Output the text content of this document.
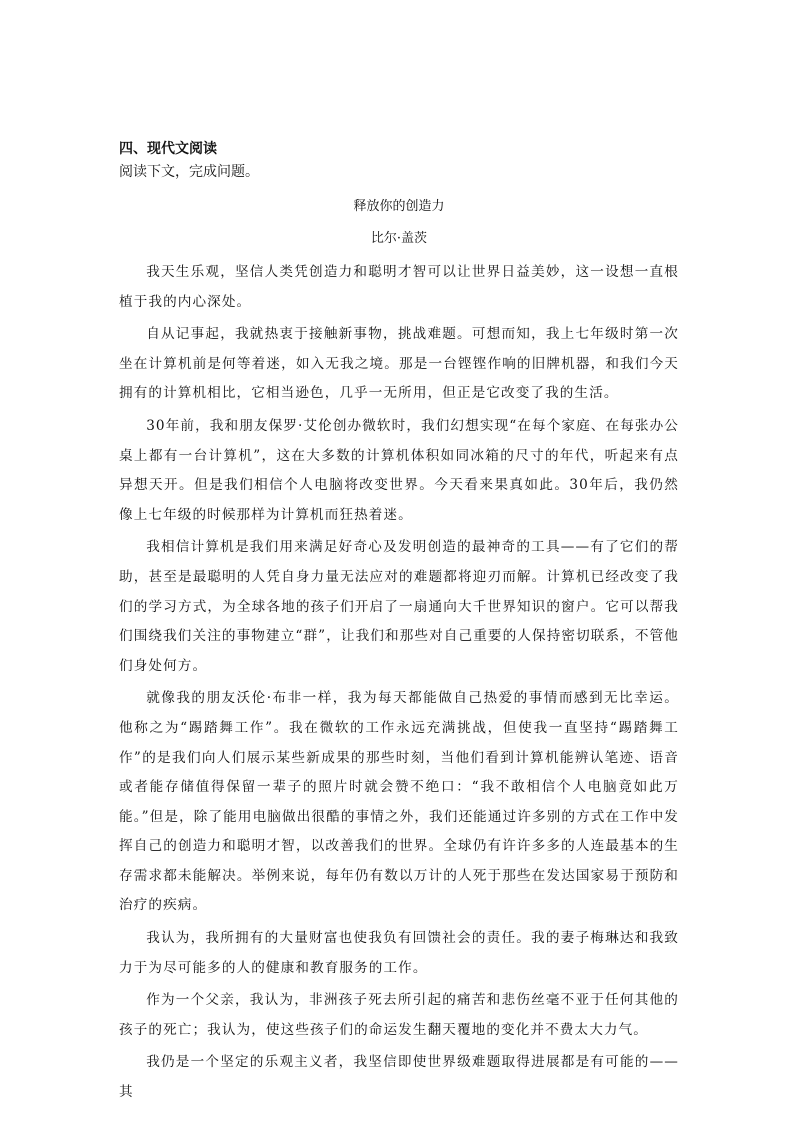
四、现代文阅读

阅读下文，完成问题。

释放你的创造力

比尔·盖茨

我天生乐观，坚信人类凭创造力和聪明才智可以让世界日益美妙，这一设想一直根植于我的内心深处。

自从记事起，我就热衷于接触新事物，挑战难题。可想而知，我上七年级时第一次坐在计算机前是何等着迷，如入无我之境。那是一台铿铿作响的旧牌机器，和我们今天拥有的计算机相比，它相当逊色，几乎一无所用，但正是它改变了我的生活。

30年前，我和朋友保罗·艾伦创办微软时，我们幻想实现“在每个家庭、在每张办公桌上都有一台计算机”，这在大多数的计算机体积如同冰箱的尺寸的年代，听起来有点异想天开。但是我们相信个人电脑将改变世界。今天看来果真如此。30年后，我仍然像上七年级的时候那样为计算机而狂热着迷。

我相信计算机是我们用来满足好奇心及发明创造的最神奇的工具——有了它们的帮助，甚至是最聪明的人凭自身力量无法应对的难题都将迎刃而解。计算机已经改变了我们的学习方式，为全球各地的孩子们开启了一扇通向大千世界知识的窗户。它可以帮我们围绕我们关注的事物建立“群”，让我们和那些对自己重要的人保持密切联系，不管他们身处何方。

就像我的朋友沃伦·布非一样，我为每天都能做自己热爱的事情而感到无比幸运。他称之为“踢踏舞工作”。我在微软的工作永远充满挑战，但使我一直坚持“踢踏舞工作”的是我们向人们展示某些新成果的那些时刻，当他们看到计算机能辨认笔迹、语音或者能存储值得保留一辈子的照片时就会赞不绝口：“我不敢相信个人电脑竟如此万能。”但是，除了能用电脑做出很酷的事情之外，我们还能通过许多别的方式在工作中发挥自己的创造力和聪明才智，以改善我们的世界。全球仍有许许多多的人连最基本的生存需求都未能解决。举例来说，每年仍有数以万计的人死于那些在发达国家易于预防和治疗的疾病。

我认为，我所拥有的大量财富也使我负有回馈社会的责任。我的妻子梅琳达和我致力于为尽可能多的人的健康和教育服务的工作。

作为一个父亲，我认为，非洲孩子死去所引起的痛苦和悲伤丝毫不亚于任何其他的孩子的死亡；我认为，使这些孩子们的命运发生翻天覆地的变化并不费太大力气。

我仍是一个坚定的乐观主义者，我坚信即使世界级难题取得进展都是有可能的——其
